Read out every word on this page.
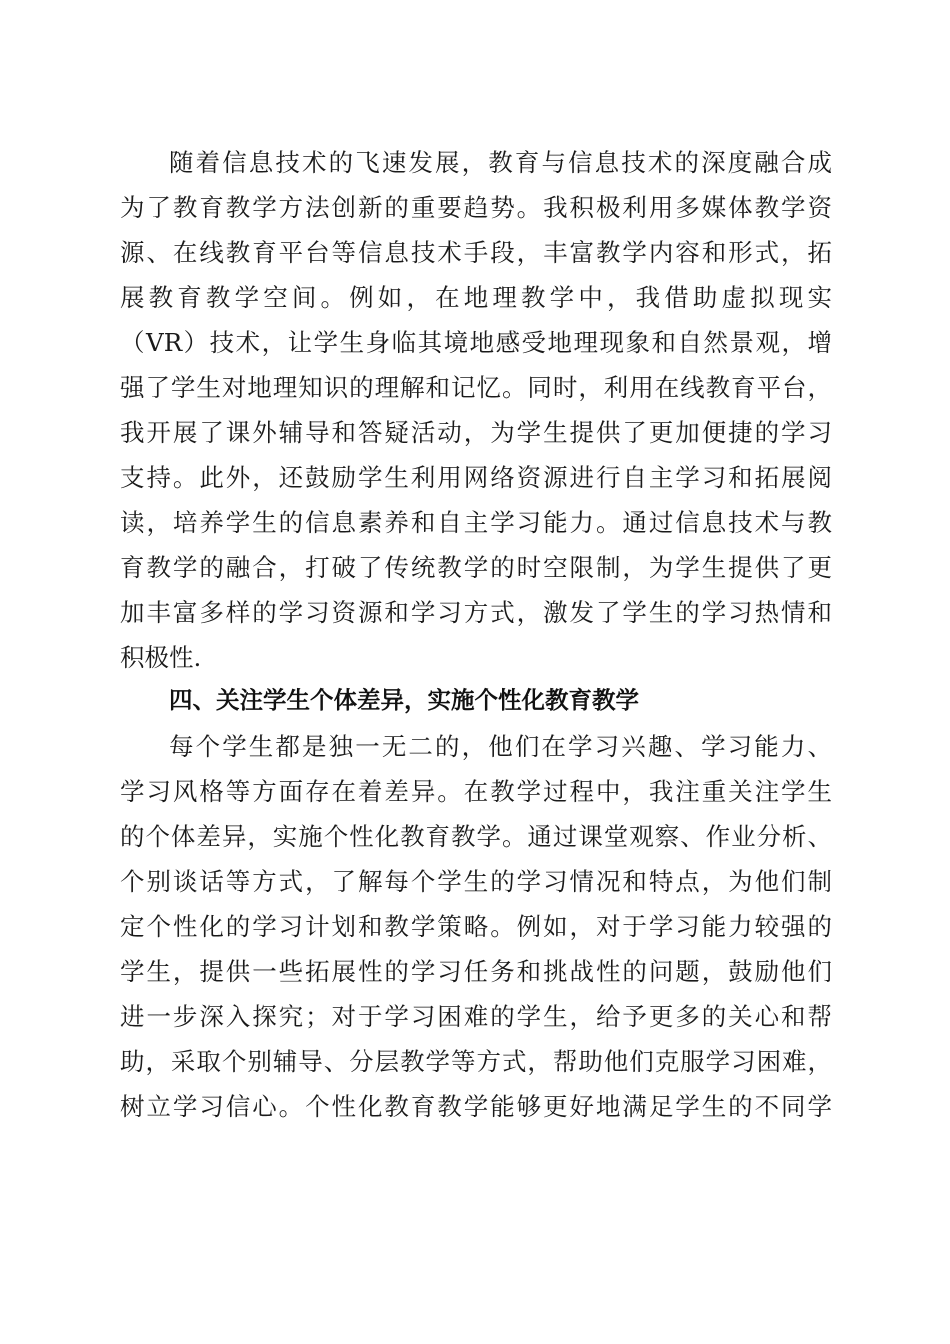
随着信息技术的飞速发展，教育与信息技术的深度融合成
为了教育教学方法创新的重要趋势。我积极利用多媒体教学资
源、在线教育平台等信息技术手段，丰富教学内容和形式，拓
展教育教学空间。例如，在地理教学中，我借助虚拟现实
（VR）技术，让学生身临其境地感受地理现象和自然景观，增
强了学生对地理知识的理解和记忆。同时，利用在线教育平台，
我开展了课外辅导和答疑活动，为学生提供了更加便捷的学习
支持。此外，还鼓励学生利用网络资源进行自主学习和拓展阅
读，培养学生的信息素养和自主学习能力。通过信息技术与教
育教学的融合，打破了传统教学的时空限制，为学生提供了更
加丰富多样的学习资源和学习方式，激发了学生的学习热情和
积极性.
四、关注学生个体差异，实施个性化教育教学
每个学生都是独一无二的，他们在学习兴趣、学习能力、
学习风格等方面存在着差异。在教学过程中，我注重关注学生
的个体差异，实施个性化教育教学。通过课堂观察、作业分析、
个别谈话等方式，了解每个学生的学习情况和特点，为他们制
定个性化的学习计划和教学策略。例如，对于学习能力较强的
学生，提供一些拓展性的学习任务和挑战性的问题，鼓励他们
进一步深入探究；对于学习困难的学生，给予更多的关心和帮
助，采取个别辅导、分层教学等方式，帮助他们克服学习困难，
树立学习信心。个性化教育教学能够更好地满足学生的不同学
